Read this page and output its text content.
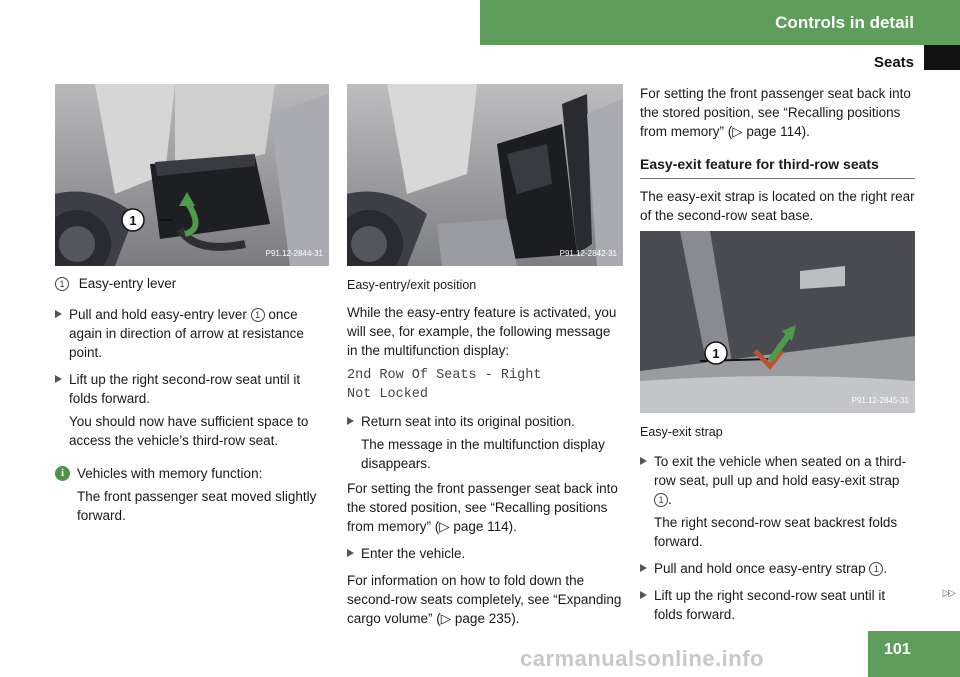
Controls in detail
Seats
1
P91.12-2844-31
1 Easy-entry lever
Pull and hold easy-entry lever 1 once again in direction of arrow at resistance point.
Lift up the right second-row seat until it folds forward.
You should now have sufficient space to access the vehicle’s third-row seat.
i Vehicles with memory function:
The front passenger seat moved slightly forward.
P91.12-2842-31
Easy-entry/exit position

While the easy-entry feature is activated, you will see, for example, the following message in the multifunction display:

2nd Row Of Seats - Right
Not Locked
Return seat into its original position.
The message in the multifunction display disappears.

For setting the front passenger seat back into the stored position, see “Recalling positions from memory” (▷ page 114).

Enter the vehicle.

For information on how to fold down the second-row seats completely, see “Expanding cargo volume” (▷ page 235).

For setting the front passenger seat back into the stored position, see “Recalling positions from memory” (▷ page 114).

Easy-exit feature for third-row seats

The easy-exit strap is located on the right rear of the second-row seat base.

1
P91.12-2845-31
Easy-exit strap
To exit the vehicle when seated on a third-row seat, pull up and hold easy-exit strap 1 .
The right second-row seat backrest folds forward.
Pull and hold once easy-entry strap 1 .
Lift up the right second-row seat until it folds forward.
▷▷
101
carmanualsonline.info
